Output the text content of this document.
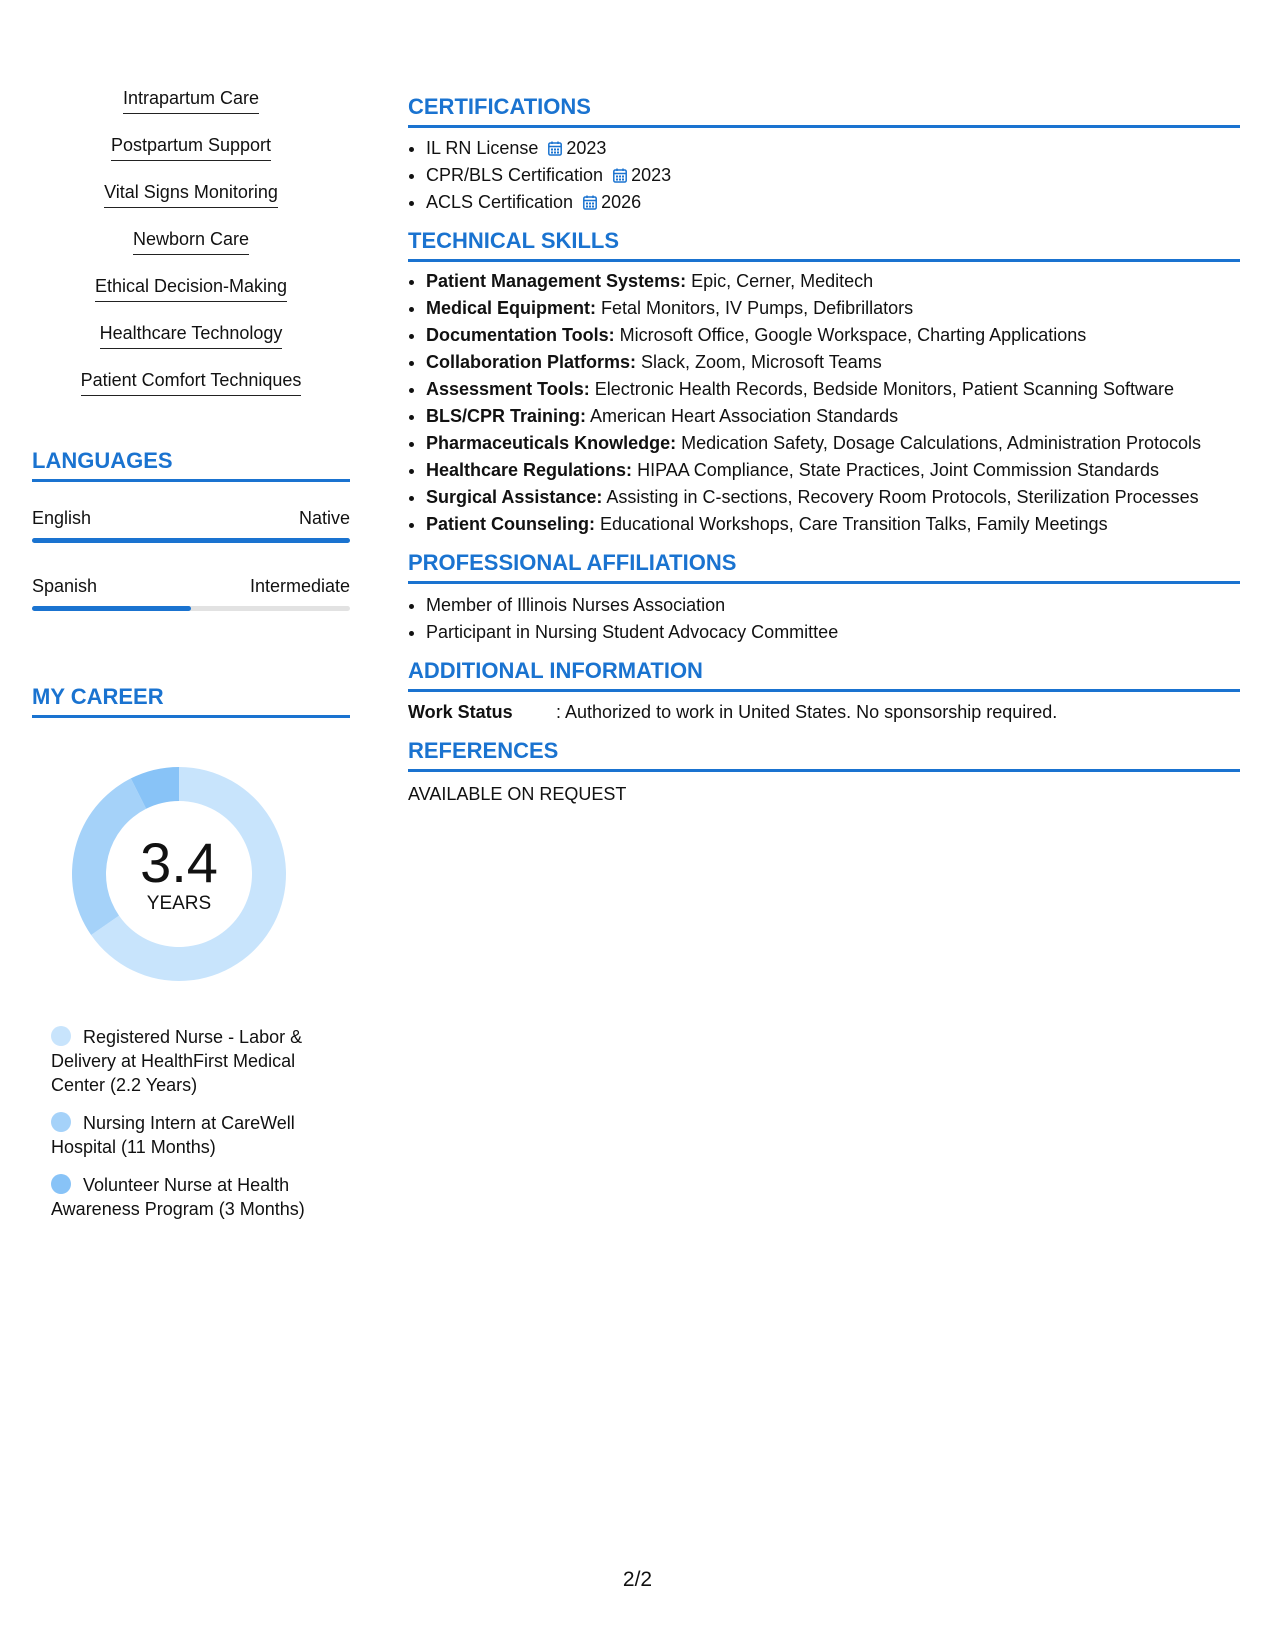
Intrapartum Care
Postpartum Support
Vital Signs Monitoring
Newborn Care
Ethical Decision-Making
Healthcare Technology
Patient Comfort Techniques
LANGUAGES
English	Native
Spanish	Intermediate
MY CAREER
3.4
YEARS
Registered Nurse - Labor & Delivery at HealthFirst Medical Center (2.2 Years)
Nursing Intern at CareWell Hospital (11 Months)
Volunteer Nurse at Health Awareness Program (3 Months)
CERTIFICATIONS
• IL RN License 2023
• CPR/BLS Certification 2023
• ACLS Certification 2026
TECHNICAL SKILLS
• Patient Management Systems: Epic, Cerner, Meditech
• Medical Equipment: Fetal Monitors, IV Pumps, Defibrillators
• Documentation Tools: Microsoft Office, Google Workspace, Charting Applications
• Collaboration Platforms: Slack, Zoom, Microsoft Teams
• Assessment Tools: Electronic Health Records, Bedside Monitors, Patient Scanning Software
• BLS/CPR Training: American Heart Association Standards
• Pharmaceuticals Knowledge: Medication Safety, Dosage Calculations, Administration Protocols
• Healthcare Regulations: HIPAA Compliance, State Practices, Joint Commission Standards
• Surgical Assistance: Assisting in C-sections, Recovery Room Protocols, Sterilization Processes
• Patient Counseling: Educational Workshops, Care Transition Talks, Family Meetings
PROFESSIONAL AFFILIATIONS
• Member of Illinois Nurses Association
• Participant in Nursing Student Advocacy Committee
ADDITIONAL INFORMATION
Work Status	: Authorized to work in United States. No sponsorship required.
REFERENCES
AVAILABLE ON REQUEST
2/2
